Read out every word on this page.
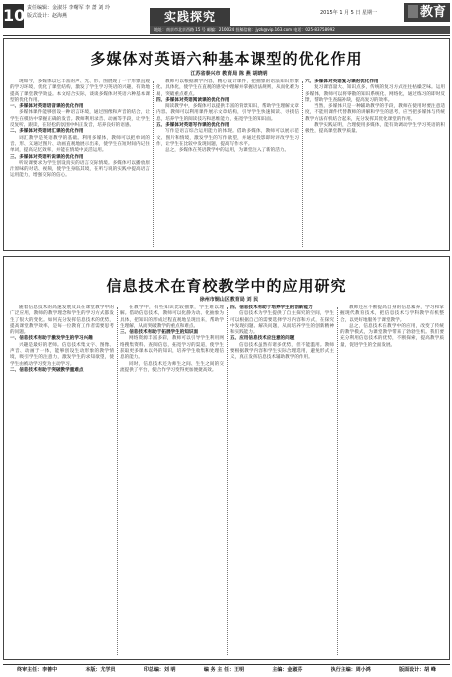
10 责任编辑：金淑芬 李曙军 李 蔷 刘 玲
版式设计：赵海燕	实践探究	2015年 1 月 5 日 星期一	教育
地址：南京市北京西路 15 号 邮编：210024 投稿信箱：jyzk@vip.163.com 电话：025-83758992
多媒体对英语六种基本课型的优化作用
江苏省泰兴市 教育局 陈 燕 胡晓明

现如今，多媒体以它丰富的声、光、形、图展现了一个形象直观的学习环境，优化了课堂结构，激发了学生学习英语的兴趣，有效地提高了课堂教学效益。本文结合实际，谈谈多媒体对英语六种基本课型的优化作用。

一、多媒体对英语语音课的优化作用

多媒体课件能够创设一种语言环境，通过图像和声音的结合，让学生在模仿中掌握正确的发音。教师利用录音、动画等手段，让学生反复听、跟读，在轻松的氛围中纠正发音，培养良好的语感。

二、多媒体对英语词汇课的优化作用

词汇教学是英语教学的基础。利用多媒体，教师可以把单词的音、形、义通过图片、动画直观地展示出来，使学生在短时间内记住单词，提高记忆效率，并能在情境中灵活运用。

三、多媒体对英语听说课的优化作用

听说课要求为学生创设真实的语言交际情境。多媒体可以播放原汁原味的对话、视频，使学生身临其境，在听与说的实践中提高语言运用能力，增强交际的信心。

教师可以根据教学内容，精心设计课件，把抽象的语法知识形象化、具体化，使学生在直观的感受中理解并掌握语法规则，从而化难为易，突破重点难点。

四、多媒体对英语阅读课的优化作用

阅读教学中，多媒体可以提供丰富的背景知识，帮助学生理解文章内容。教师可以利用课件展示文章结构，引导学生快速阅读、寻找信息，培养学生的阅读技巧和思维能力，拓宽学生的知识面。

五、多媒体对英语写作课的优化作用

写作是语言综合运用能力的体现。借助多媒体，教师可以展示范文、图片和情境，激发学生的写作欲望，并通过投影即时评改学生习作，让学生在比较中发现问题，提高写作水平。

总之，多媒体在英语教学中的运用，为课堂注入了新的活力。

六、多媒体对英语复习课的优化作用

复习课容量大、知识点多，传统的复习方式往往枯燥乏味。运用多媒体，教师可以将零散的知识系统化、网络化，通过练习的即时反馈，帮助学生查漏补缺，提高复习的效率。

当然，多媒体只是一种辅助教学的手段，教师在使用时要注意适度，不能用课件代替教师的讲解和学生的思考，应当把多媒体与传统教学方法有机结合起来，充分发挥其优化课堂的作用。

教学实践证明，合理使用多媒体，能有效调动学生学习英语的积极性，提高课堂教学质量。

信息技术在育校教学中的应用研究
徐州市铜山区教育局 刘 民

随着信息技术的高速发展及其在课堂教学中的广泛应用，教师的教学理念和学生的学习方式都发生了很大的变化。如何充分发挥信息技术的优势，提高课堂教学效率，是每一位教育工作者需要思考的问题。

一、信息技术有助于激发学生的学习兴趣

兴趣是最好的老师。信息技术集文字、图像、声音、动画于一体，能够创设生动形象的教学情境，吸引学生的注意力，激发学生的求知欲望，使学生由被动学习变为主动学习。

二、信息技术有助于突破教学重难点

在教学中，有些知识比较抽象，学生难以理解。借助信息技术，教师可以化静为动、化抽象为具体，把知识的形成过程直观地呈现出来，帮助学生理解，从而突破教学的重点和难点。

三、信息技术有助于拓展学生的知识面

网络资源丰富多彩，教师可以引导学生利用网络搜集资料、查阅信息，拓宽学习的渠道，使学生获取更多课本以外的知识，培养学生收集和处理信息的能力。

同时，信息技术还为师生之间、生生之间的交流提供了平台，使合作学习变得更加便捷高效。

四、信息技术有助于培养学生的创新能力

信息技术为学生提供了自主探究的空间，学生可以根据自己的需要选择学习内容和方式，在探究中发现问题、解决问题，从而培养学生的创新精神和实践能力。

五、应用信息技术应注意的问题

信息技术虽然有诸多优势，但不能滥用。教师要根据教学内容和学生实际合理选用，避免形式主义，真正发挥信息技术辅助教学的作用。

教师还应不断提高自身的信息素养，学习和掌握现代教育技术，把信息技术与学科教学有机整合，以更好地服务于课堂教学。

总之，信息技术在教学中的应用，改变了传统的教学模式，为课堂教学带来了勃勃生机。我们要充分利用信息技术的优势，不断探索，提高教学质量，促进学生的全面发展。

终审主任：李善中	本版：尤学员	印总编：刘 明	编 务 主 任：王明	主编：金淑芬	执行主编：周小鸿	版面设计：胡 峰
